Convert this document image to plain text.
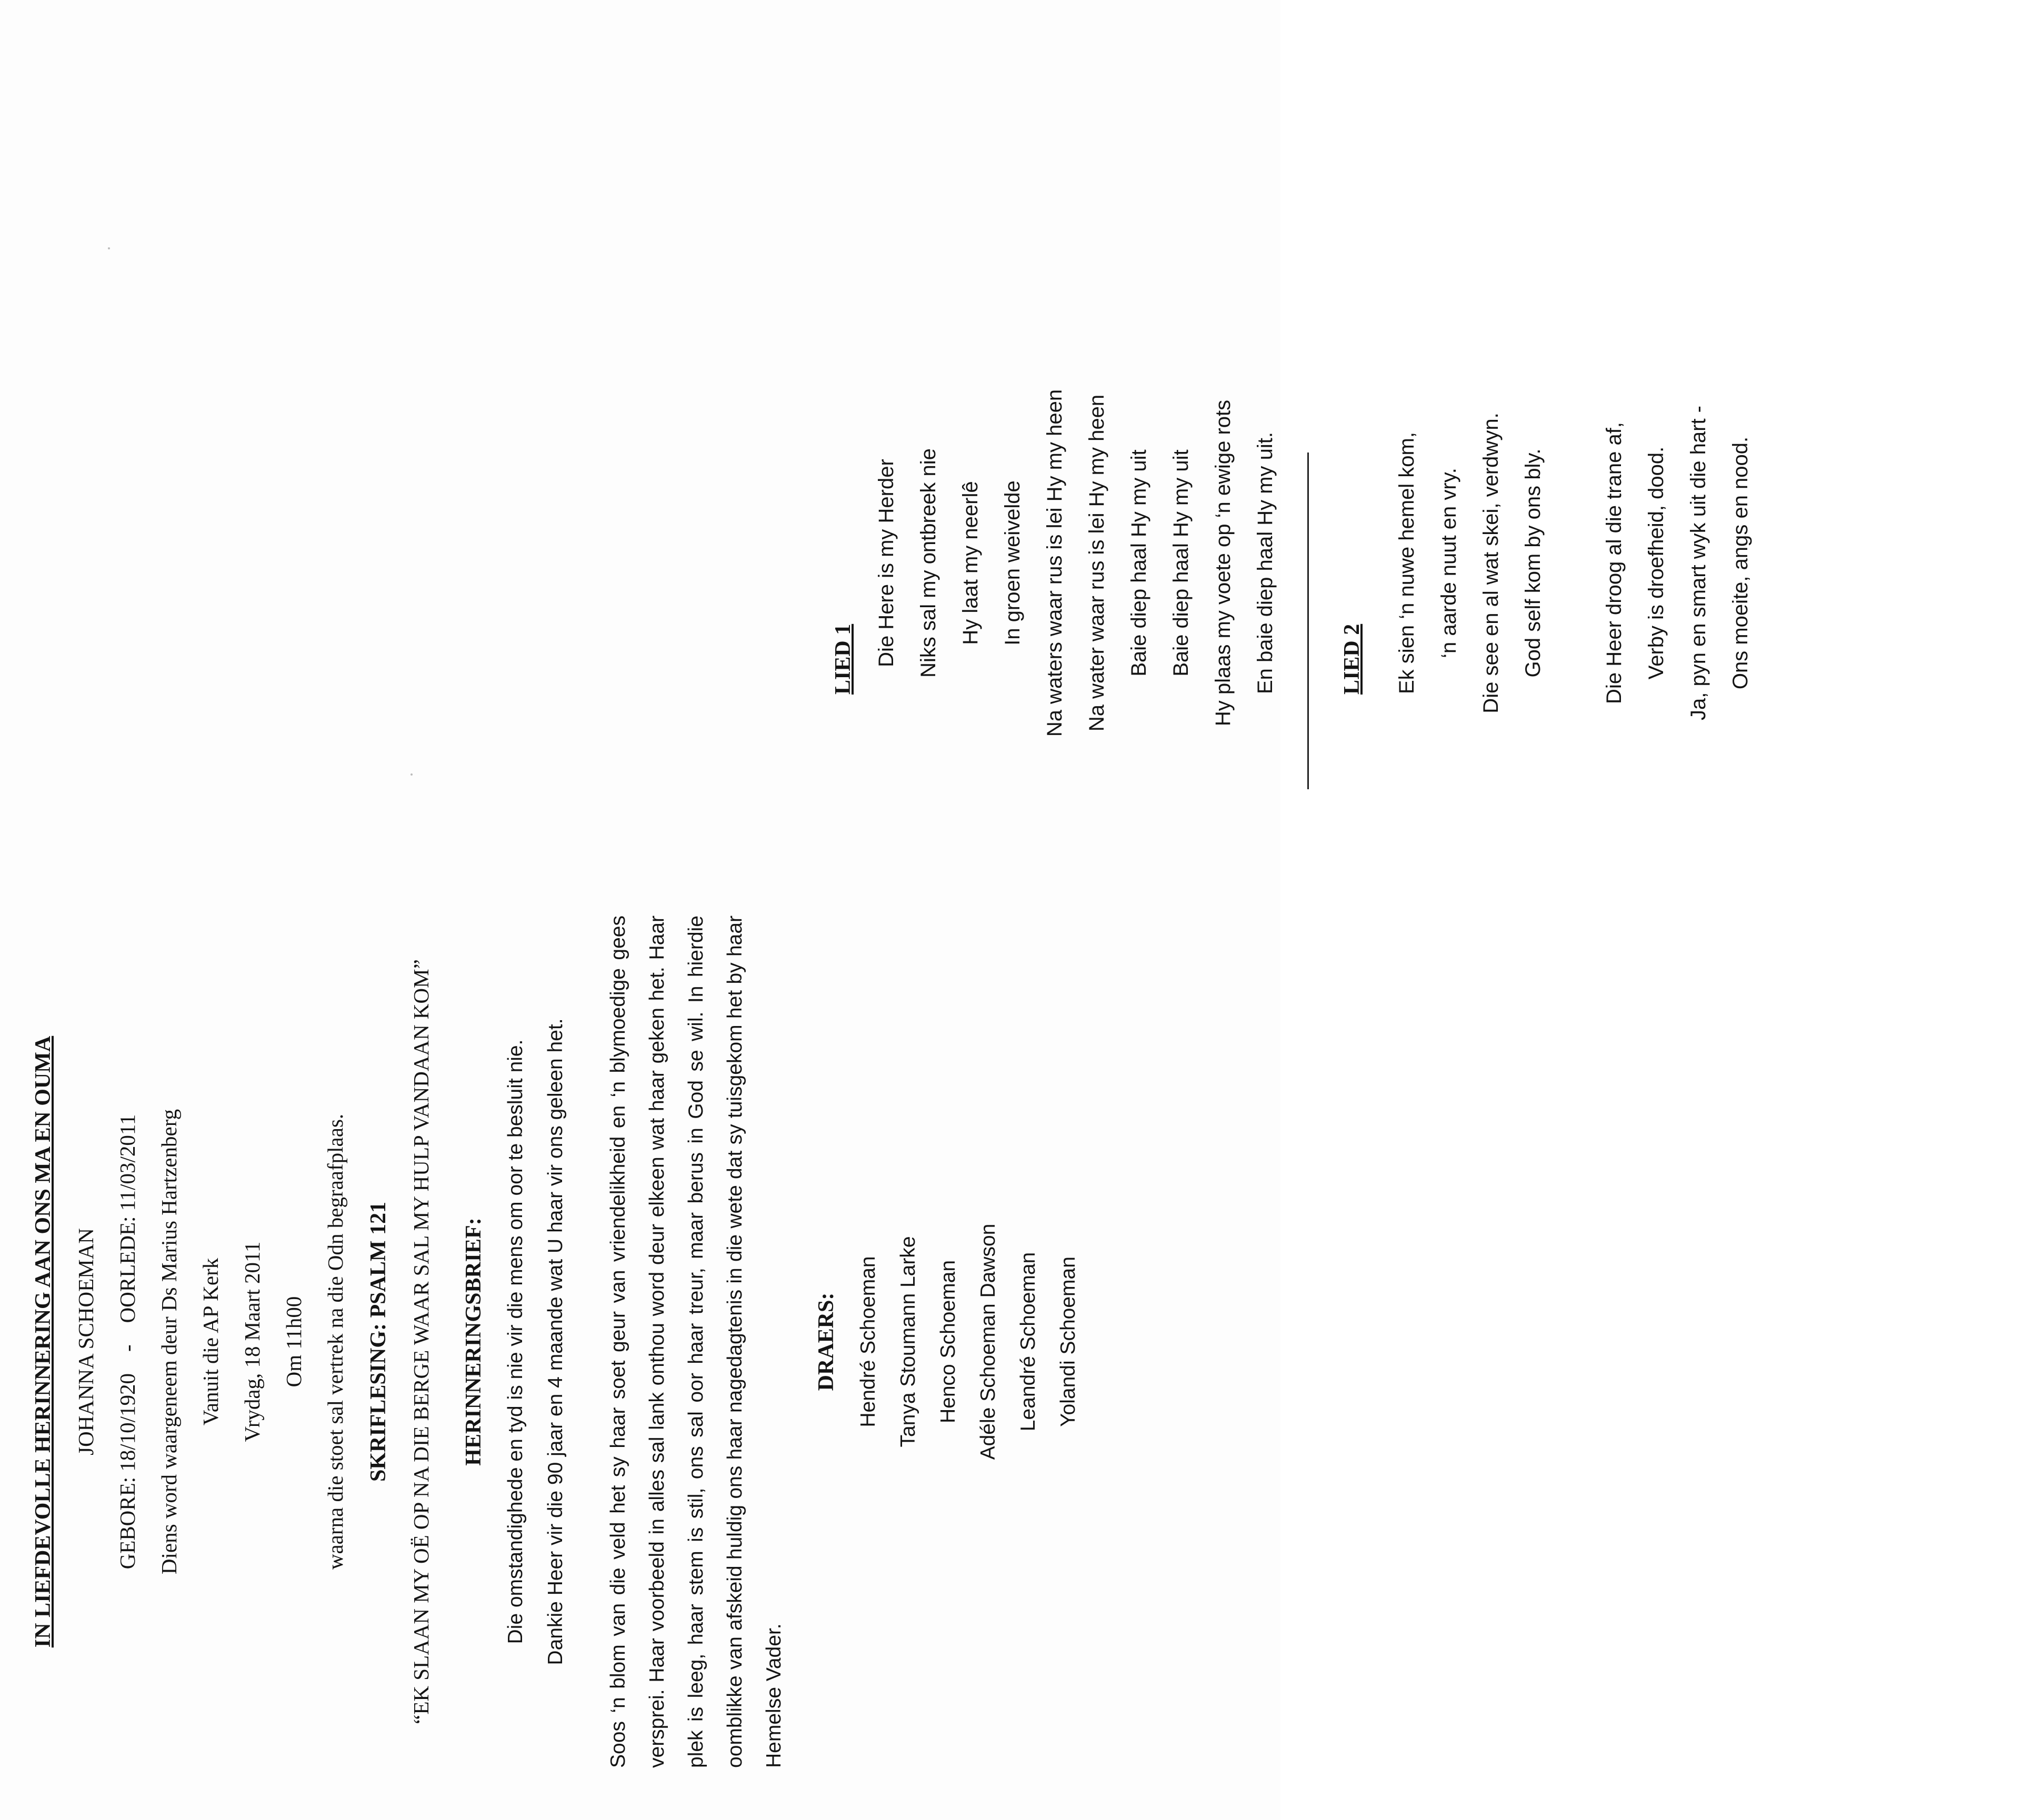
IN LIEFDEVOLLE HERINNERING AAN ONS MA EN OUMA JOHANNA SCHOEMAN GEBORE: 18/10/1920    -    OORLEDE: 11/03/2011 Diens word waargeneem deur Ds Marius Hartzenberg Vanuit die AP Kerk Vrydag, 18 Maart 2011 Om 11h00 waarna die stoet sal vertrek na die Odn begraafplaas. SKRIFLESING: PSALM 121 “EK SLAAN MY OË OP NA DIE BERGE WAAR SAL MY HULP VANDAAN KOM”	HERINNERINGSBRIEF: Die omstandighede en tyd is nie vir die mens om oor te besluit nie. Dankie Heer vir die 90 jaar en 4 maande wat U haar vir ons geleen het.	Soos ‘n blom van die veld het sy haar soet geur van vriendelikheid en ‘n blymoedige gees versprei. Haar voorbeeld in alles sal lank onthou word deur elkeen wat haar geken het. Haar plek is leeg, haar stem is stil, ons sal oor haar treur, maar berus in God se wil. In hierdie oomblikke van afskeid huldig ons haar nagedagtenis in die wete dat sy tuisgekom het by haar Hemelse Vader.
DRAERS: Hendré Schoeman Tanya Stoumann Larke Henco Schoeman Adéle Schoeman Dawson Leandré Schoeman Yolandi Schoeman
LIED 1 Die Here is my Herder Niks sal my ontbreek nie Hy laat my neerlê In groen weivelde Na waters waar rus is lei Hy my heen Na water waar rus is lei Hy my heen Baie diep haal Hy my uit Baie diep haal Hy my uit Hy plaas my voete op ‘n ewige rots En baie diep haal Hy my uit.	LIED 2	Ek sien ‘n nuwe hemel kom, ‘n aarde nuut en vry. Die see en al wat skei, verdwyn. God self kom by ons bly.	Die Heer droog al die trane af, Verby is droefheid, dood. Ja, pyn en smart wyk uit die hart - Ons moeite, angs en nood.
